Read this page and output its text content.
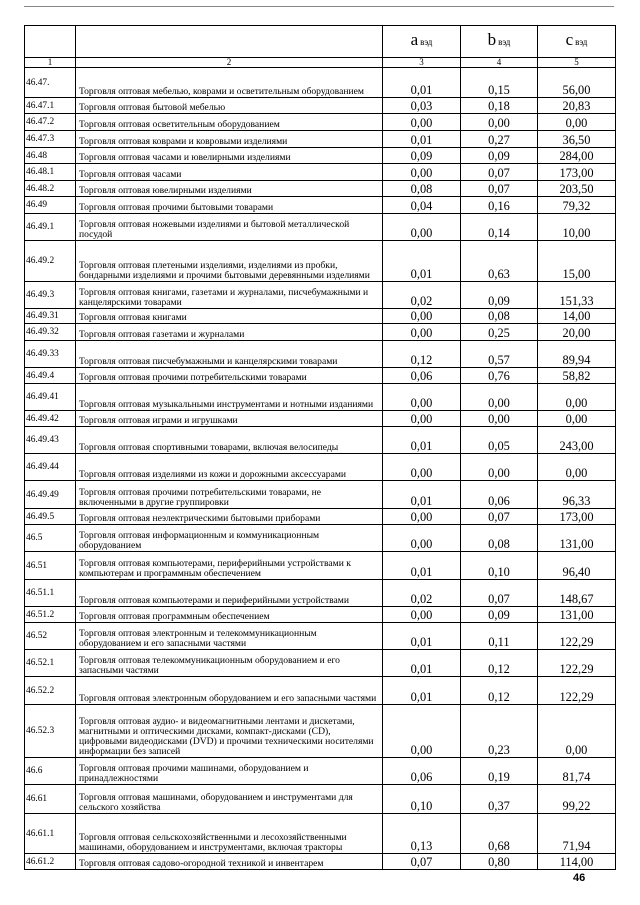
		a вэд	b вэд	c вэд
1	2	3	4	5
46.47.	Торговля оптовая мебелью, коврами и осветительным оборудованием	0,01	0,15	56,00
46.47.1	Торговля оптовая бытовой мебелью	0,03	0,18	20,83
46.47.2	Торговля оптовая осветительным оборудованием	0,00	0,00	0,00
46.47.3	Торговля оптовая коврами и ковровыми изделиями	0,01	0,27	36,50
46.48	Торговля оптовая часами и ювелирными изделиями	0,09	0,09	284,00
46.48.1	Торговля оптовая часами	0,00	0,07	173,00
46.48.2	Торговля оптовая ювелирными изделиями	0,08	0,07	203,50
46.49	Торговля оптовая прочими бытовыми товарами	0,04	0,16	79,32
46.49.1	Торговля оптовая ножевыми изделиями и бытовой металлической посудой	0,00	0,14	10,00
46.49.2	Торговля оптовая плетеными изделиями, изделиями из пробки, бондарными изделиями и прочими бытовыми деревянными изделиями	0,01	0,63	15,00
46.49.3	Торговля оптовая книгами, газетами и журналами, писчебумажными и канцелярскими товарами	0,02	0,09	151,33
46.49.31	Торговля оптовая книгами	0,00	0,08	14,00
46.49.32	Торговля оптовая газетами и журналами	0,00	0,25	20,00
46.49.33	Торговля оптовая писчебумажными и канцелярскими товарами	0,12	0,57	89,94
46.49.4	Торговля оптовая прочими потребительскими товарами	0,06	0,76	58,82
46.49.41	Торговля оптовая музыкальными инструментами и нотными изданиями	0,00	0,00	0,00
46.49.42	Торговля оптовая играми и игрушками	0,00	0,00	0,00
46.49.43	Торговля оптовая спортивными товарами, включая велосипеды	0,01	0,05	243,00
46.49.44	Торговля оптовая изделиями из кожи и дорожными аксессуарами	0,00	0,00	0,00
46.49.49	Торговля оптовая прочими потребительскими товарами, не включенными в другие группировки	0,01	0,06	96,33
46.49.5	Торговля оптовая неэлектрическими бытовыми приборами	0,00	0,07	173,00
46.5	Торговля оптовая информационным и коммуникационным оборудованием	0,00	0,08	131,00
46.51	Торговля оптовая компьютерами, периферийными устройствами к компьютерам и программным обеспечением	0,01	0,10	96,40
46.51.1	Торговля оптовая компьютерами и периферийными устройствами	0,02	0,07	148,67
46.51.2	Торговля оптовая программным обеспечением	0,00	0,09	131,00
46.52	Торговля оптовая электронным и телекоммуникационным оборудованием и его запасными частями	0,01	0,11	122,29
46.52.1	Торговля оптовая телекоммуникационным оборудованием и его запасными частями	0,01	0,12	122,29
46.52.2	Торговля оптовая электронным оборудованием и его запасными частями	0,01	0,12	122,29
46.52.3	Торговля оптовая аудио- и видеомагнитными лентами и дискетами, магнитными и оптическими дисками, компакт-дисками (CD), цифровыми видеодисками (DVD) и прочими техническими носителями информации без записей	0,00	0,23	0,00
46.6	Торговля оптовая прочими машинами, оборудованием и принадлежностями	0,06	0,19	81,74
46.61	Торговля оптовая машинами, оборудованием и инструментами для сельского хозяйства	0,10	0,37	99,22
46.61.1	Торговля оптовая сельскохозяйственными и лесохозяйственными машинами, оборудованием и инструментами, включая тракторы	0,13	0,68	71,94
46.61.2	Торговля оптовая садово-огородной техникой и инвентарем	0,07	0,80	114,00
46
